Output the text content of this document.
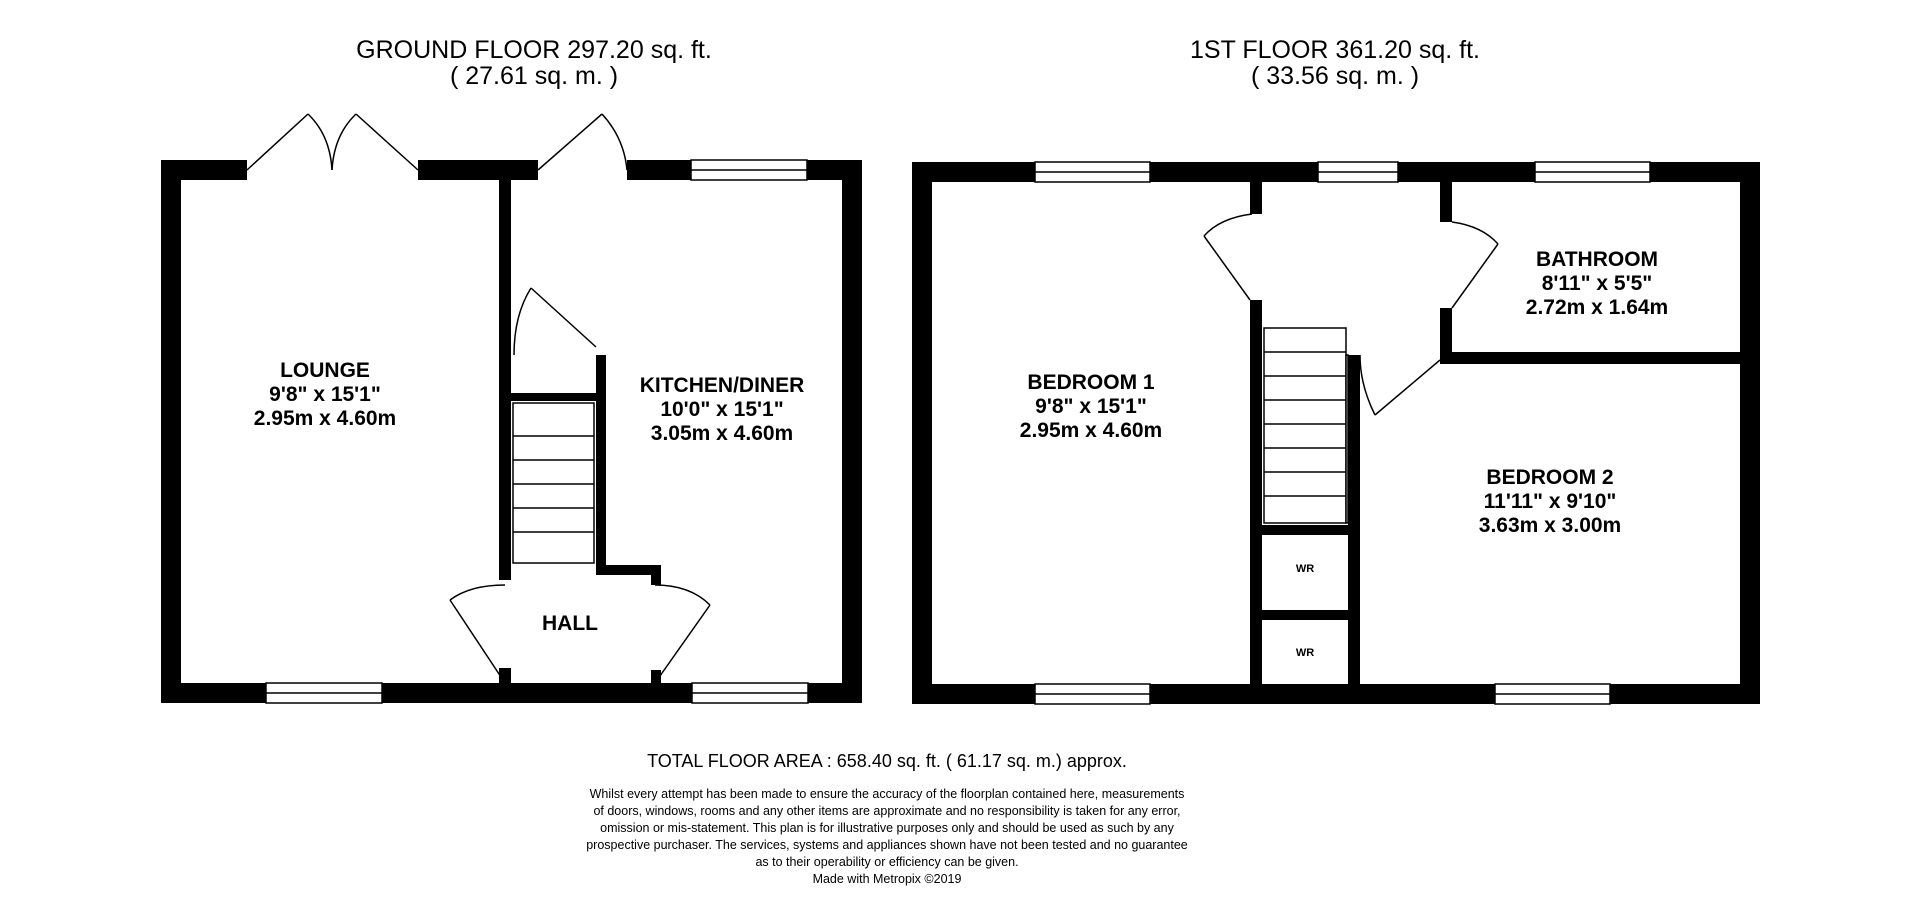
GROUND FLOOR 297.20 sq. ft.
( 27.61 sq. m. )
LOUNGE
9'8" x 15'1"
2.95m x 4.60m
KITCHEN/DINER
10'0" x 15'1"
3.05m x 4.60m
HALL
1ST FLOOR 361.20 sq. ft.
( 33.56 sq. m. )
BEDROOM 1
9'8" x 15'1"
2.95m x 4.60m
BATHROOM
8'11" x 5'5"
2.72m x 1.64m
BEDROOM 2
11'11" x 9'10"
3.63m x 3.00m
WR
WR
TOTAL FLOOR AREA : 658.40 sq. ft. ( 61.17 sq. m.) approx.
Whilst every attempt has been made to ensure the accuracy of the floorplan contained here, measurements
of doors, windows, rooms and any other items are approximate and no responsibility is taken for any error,
omission or mis-statement. This plan is for illustrative purposes only and should be used as such by any
prospective purchaser. The services, systems and appliances shown have not been tested and no guarantee
as to their operability or efficiency can be given.
Made with Metropix ©2019
